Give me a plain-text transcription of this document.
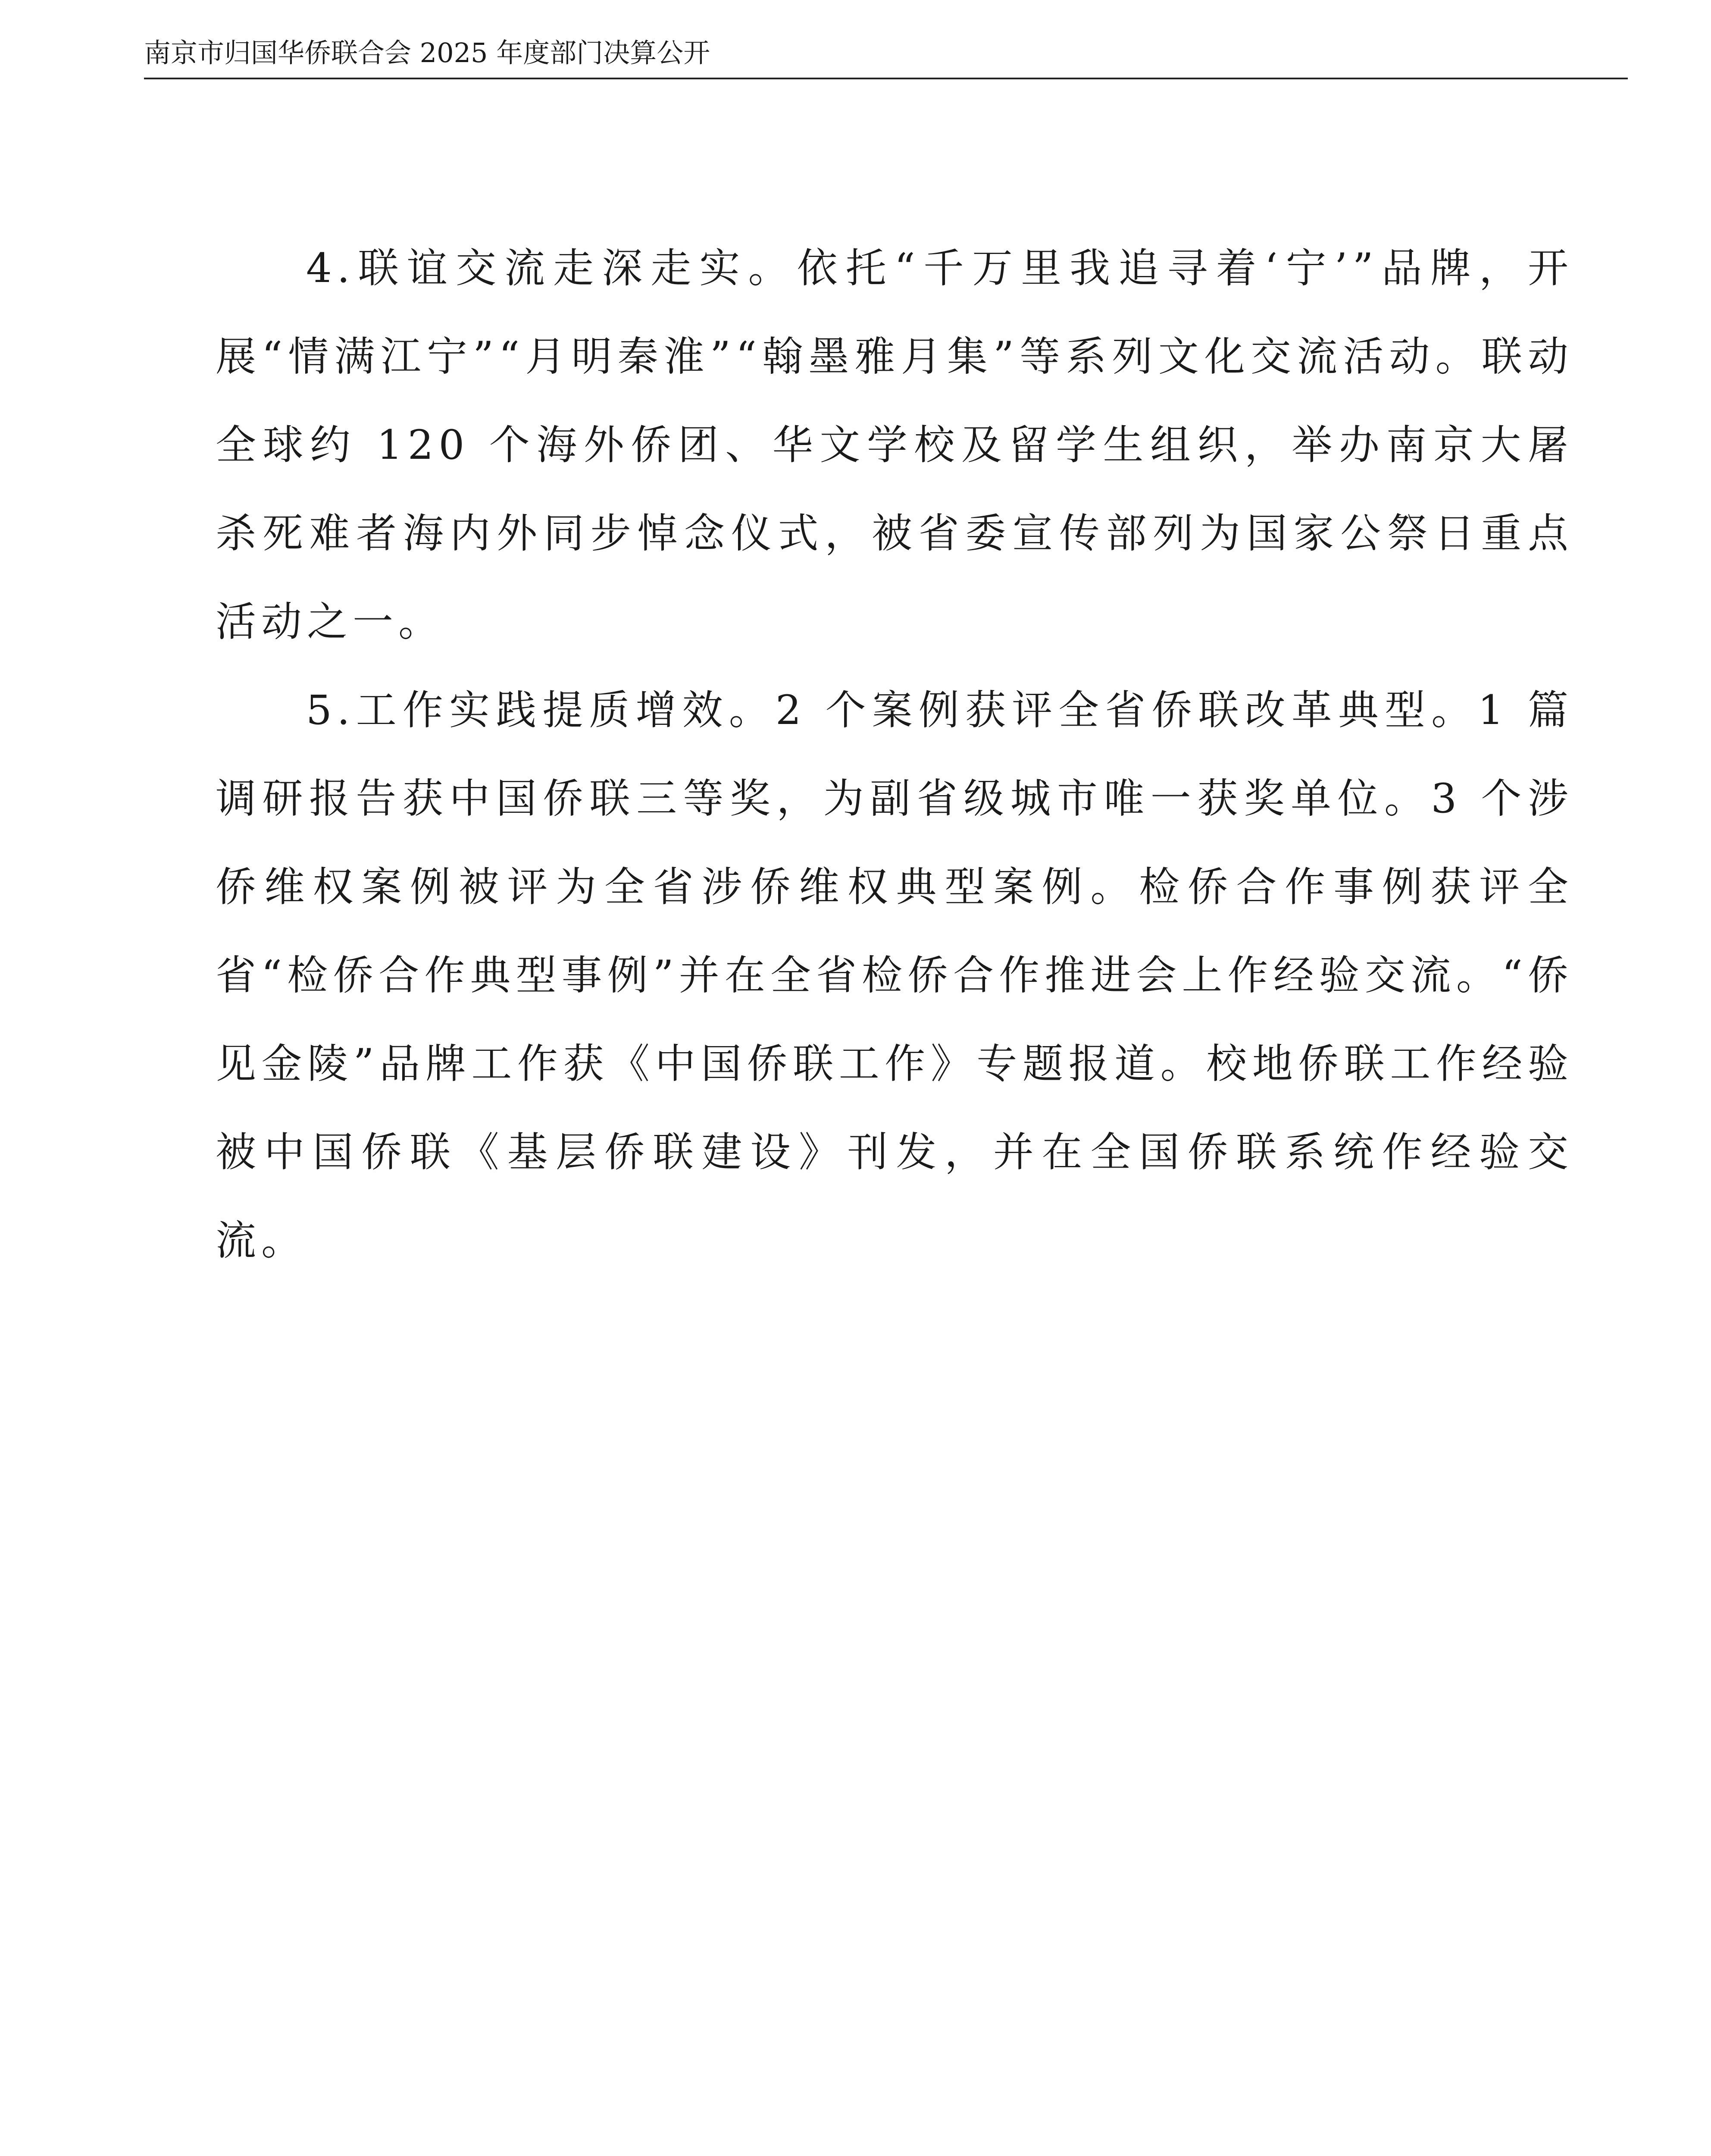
南京市归国华侨联合会 2025 年度部门决算公开

4.联谊交流走深走实。依托“千万里我追寻着‘宁’”品牌，开展“情满江宁”“月明秦淮”“翰墨雅月集”等系列文化交流活动。联动全球约 120 个海外侨团、华文学校及留学生组织，举办南京大屠杀死难者海内外同步悼念仪式，被省委宣传部列为国家公祭日重点活动之一。

5.工作实践提质增效。2 个案例获评全省侨联改革典型。1 篇调研报告获中国侨联三等奖，为副省级城市唯一获奖单位。3 个涉侨维权案例被评为全省涉侨维权典型案例。检侨合作事例获评全省“检侨合作典型事例”并在全省检侨合作推进会上作经验交流。“侨见金陵”品牌工作获《中国侨联工作》专题报道。校地侨联工作经验被中国侨联《基层侨联建设》刊发，并在全国侨联系统作经验交流。
